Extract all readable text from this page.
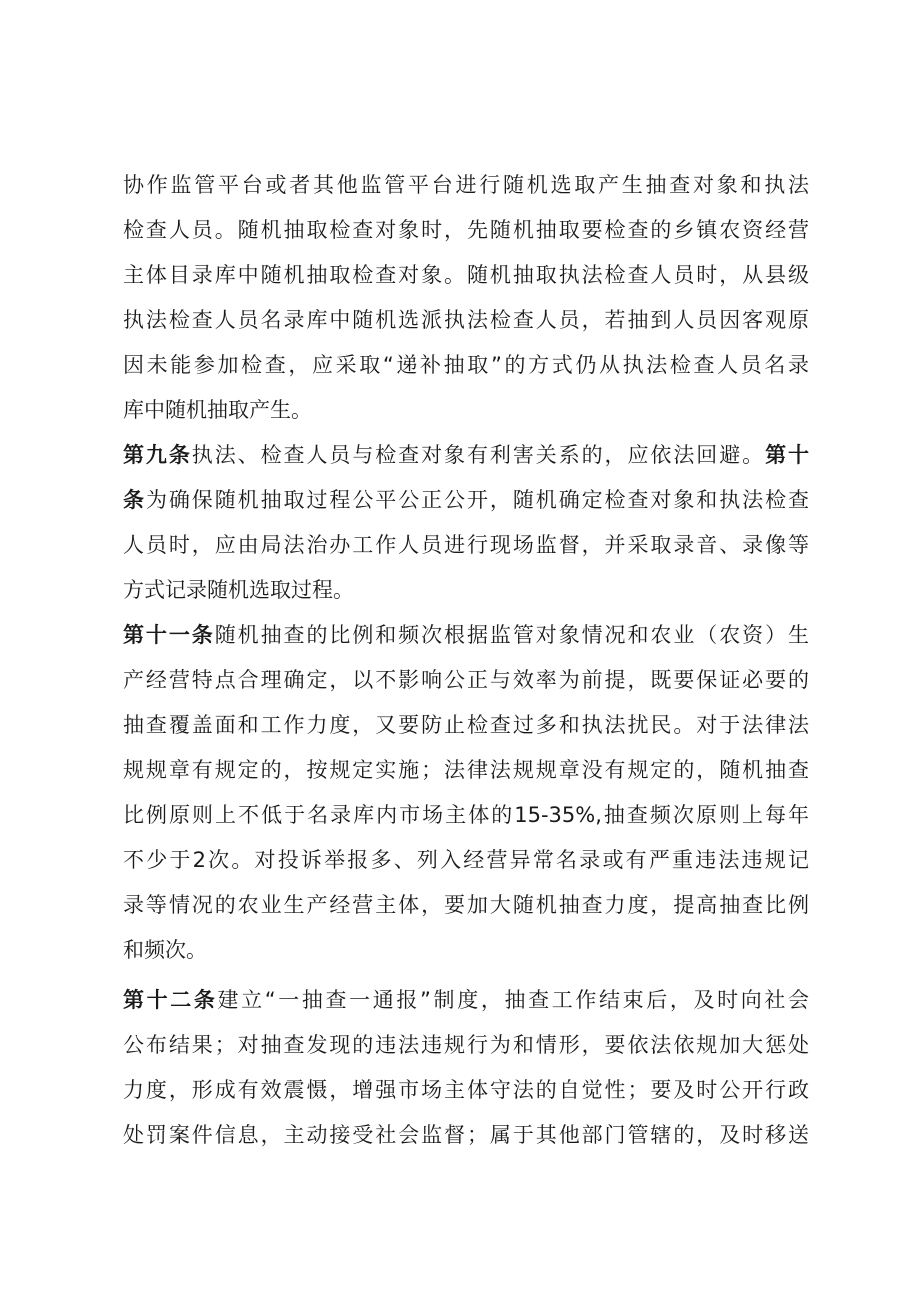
协作监管平台或者其他监管平台进行随机选取产生抽查对象和执法
检查人员。随机抽取检查对象时，先随机抽取要检查的乡镇农资经营
主体目录库中随机抽取检查对象。随机抽取执法检查人员时，从县级
执法检查人员名录库中随机选派执法检查人员，若抽到人员因客观原
因未能参加检查，应采取“递补抽取”的方式仍从执法检查人员名录
库中随机抽取产生。
第九条执法、检查人员与检查对象有利害关系的，应依法回避。第十
条为确保随机抽取过程公平公正公开，随机确定检查对象和执法检查
人员时，应由局法治办工作人员进行现场监督，并采取录音、录像等
方式记录随机选取过程。
第十一条随机抽查的比例和频次根据监管对象情况和农业（农资）生
产经营特点合理确定，以不影响公正与效率为前提，既要保证必要的
抽查覆盖面和工作力度，又要防止检查过多和执法扰民。对于法律法
规规章有规定的，按规定实施；法律法规规章没有规定的，随机抽查
比例原则上不低于名录库内市场主体的15-35%,抽查频次原则上每年
不少于2次。对投诉举报多、列入经营异常名录或有严重违法违规记
录等情况的农业生产经营主体，要加大随机抽查力度，提高抽查比例
和频次。
第十二条建立“一抽查一通报”制度，抽查工作结束后，及时向社会
公布结果；对抽查发现的违法违规行为和情形，要依法依规加大惩处
力度，形成有效震慑，增强市场主体守法的自觉性；要及时公开行政
处罚案件信息，主动接受社会监督；属于其他部门管辖的，及时移送
